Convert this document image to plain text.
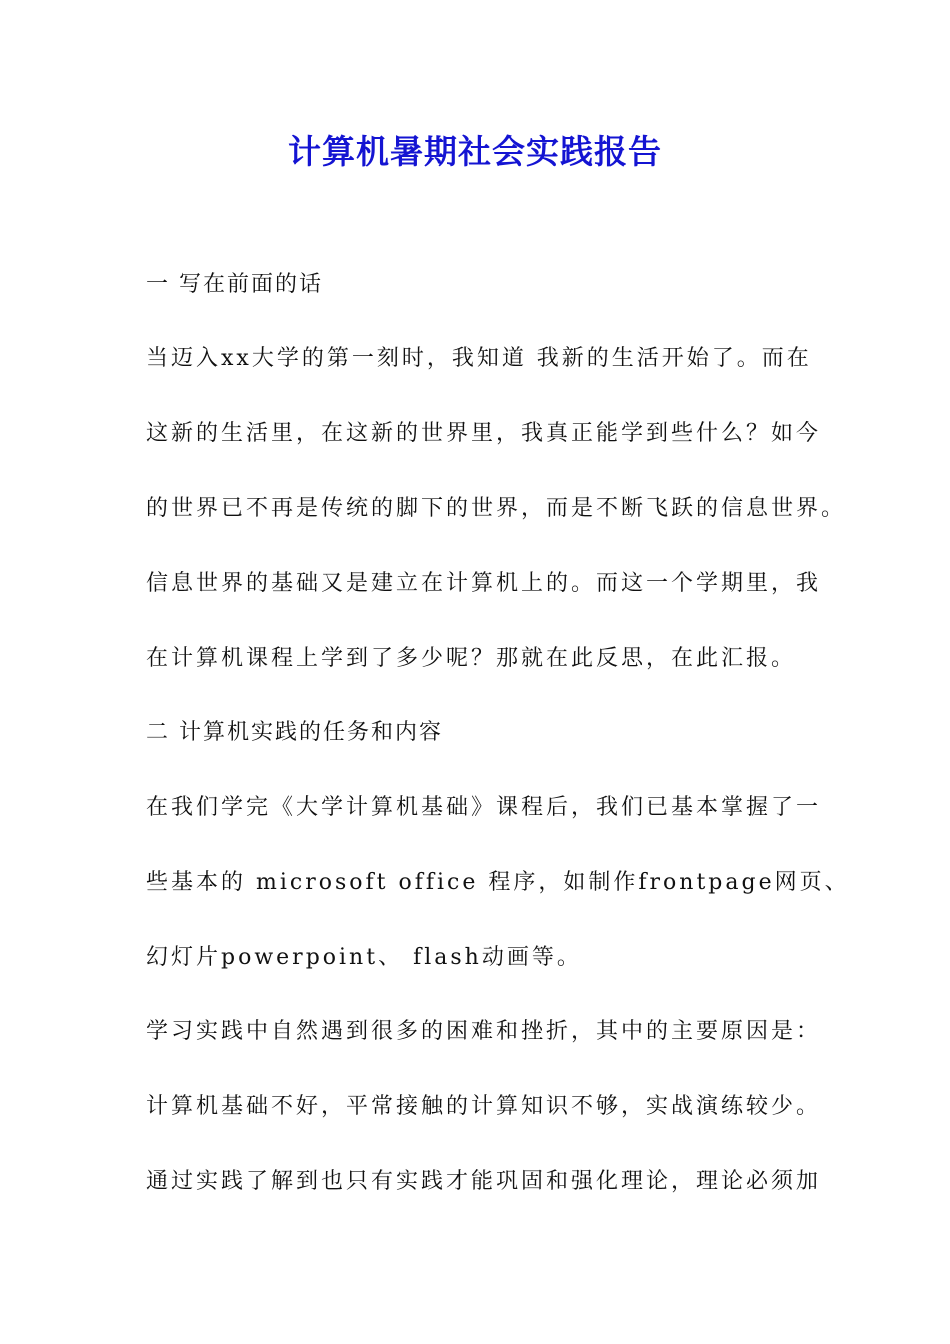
计算机暑期社会实践报告
一 写在前面的话
当迈入xx大学的第一刻时，我知道 我新的生活开始了。而在
这新的生活里，在这新的世界里，我真正能学到些什么？如今
的世界已不再是传统的脚下的世界，而是不断飞跃的信息世界。
信息世界的基础又是建立在计算机上的。而这一个学期里，我
在计算机课程上学到了多少呢？那就在此反思，在此汇报。
二 计算机实践的任务和内容
在我们学完《大学计算机基础》课程后，我们已基本掌握了一
些基本的 microsoft office 程序，如制作frontpage网页、
幻灯片powerpoint、 flash动画等。
学习实践中自然遇到很多的困难和挫折，其中的主要原因是：
计算机基础不好，平常接触的计算知识不够，实战演练较少。
通过实践了解到也只有实践才能巩固和强化理论，理论必须加
